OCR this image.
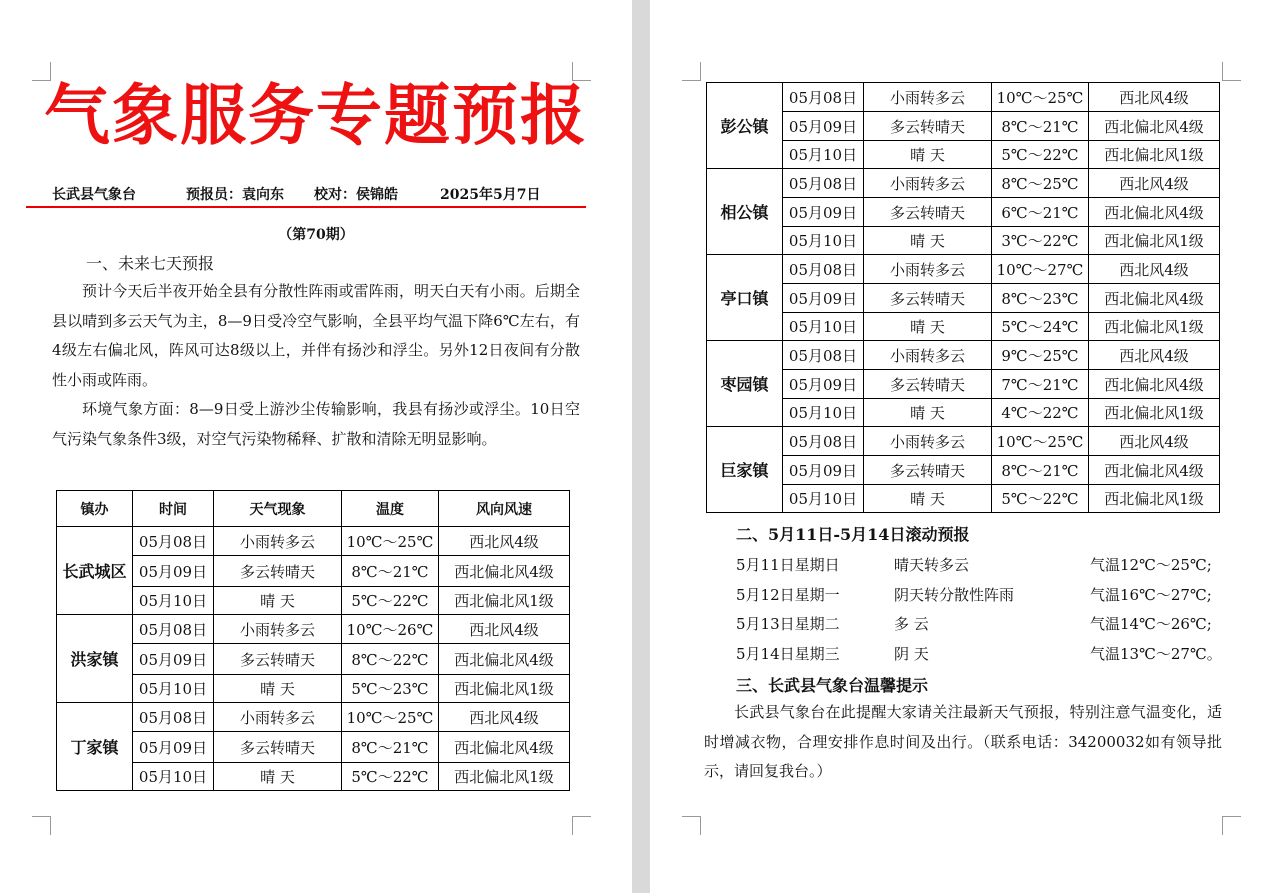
气象服务专题预报
长武县气象台	预报员：袁向东 校对：侯锦皓	2025年5月7日
（第70期）
一、未来七天预报
预计今天后半夜开始全县有分散性阵雨或雷阵雨，明天白天有小雨。后期全县以晴到多云天气为主，8—9日受冷空气影响，全县平均气温下降6℃左右，有4级左右偏北风，阵风可达8级以上，并伴有扬沙和浮尘。另外12日夜间有分散性小雨或阵雨。
环境气象方面：8—9日受上游沙尘传输影响，我县有扬沙或浮尘。10日空气污染气象条件3级，对空气污染物稀释、扩散和清除无明显影响。
镇办	时间	天气现象	温度	风向风速
长武城区	05月08日	小雨转多云	10℃～25℃	西北风4级
	05月09日	多云转晴天	8℃～21℃	西北偏北风4级
	05月10日	晴 天	5℃～22℃	西北偏北风1级
洪家镇	05月08日	小雨转多云	10℃～26℃	西北风4级
	05月09日	多云转晴天	8℃～22℃	西北偏北风4级
	05月10日	晴 天	5℃～23℃	西北偏北风1级
丁家镇	05月08日	小雨转多云	10℃～25℃	西北风4级
	05月09日	多云转晴天	8℃～21℃	西北偏北风4级
	05月10日	晴 天	5℃～22℃	西北偏北风1级
彭公镇	05月08日	小雨转多云	10℃～25℃	西北风4级
	05月09日	多云转晴天	8℃～21℃	西北偏北风4级
	05月10日	晴 天	5℃～22℃	西北偏北风1级
相公镇	05月08日	小雨转多云	8℃～25℃	西北风4级
	05月09日	多云转晴天	6℃～21℃	西北偏北风4级
	05月10日	晴 天	3℃～22℃	西北偏北风1级
亭口镇	05月08日	小雨转多云	10℃～27℃	西北风4级
	05月09日	多云转晴天	8℃～23℃	西北偏北风4级
	05月10日	晴 天	5℃～24℃	西北偏北风1级
枣园镇	05月08日	小雨转多云	9℃～25℃	西北风4级
	05月09日	多云转晴天	7℃～21℃	西北偏北风4级
	05月10日	晴 天	4℃～22℃	西北偏北风1级
巨家镇	05月08日	小雨转多云	10℃～25℃	西北风4级
	05月09日	多云转晴天	8℃～21℃	西北偏北风4级
	05月10日	晴 天	5℃～22℃	西北偏北风1级
二、5月11日-5月14日滚动预报
5月11日星期日	晴天转多云	气温12℃～25℃;
5月12日星期一	阴天转分散性阵雨	气温16℃～27℃;
5月13日星期二	多 云	气温14℃～26℃;
5月14日星期三	阴 天	气温13℃～27℃。
三、长武县气象台温馨提示
长武县气象台在此提醒大家请关注最新天气预报，特别注意气温变化，适时增减衣物，合理安排作息时间及出行。（联系电话：34200032如有领导批示，请回复我台。）
